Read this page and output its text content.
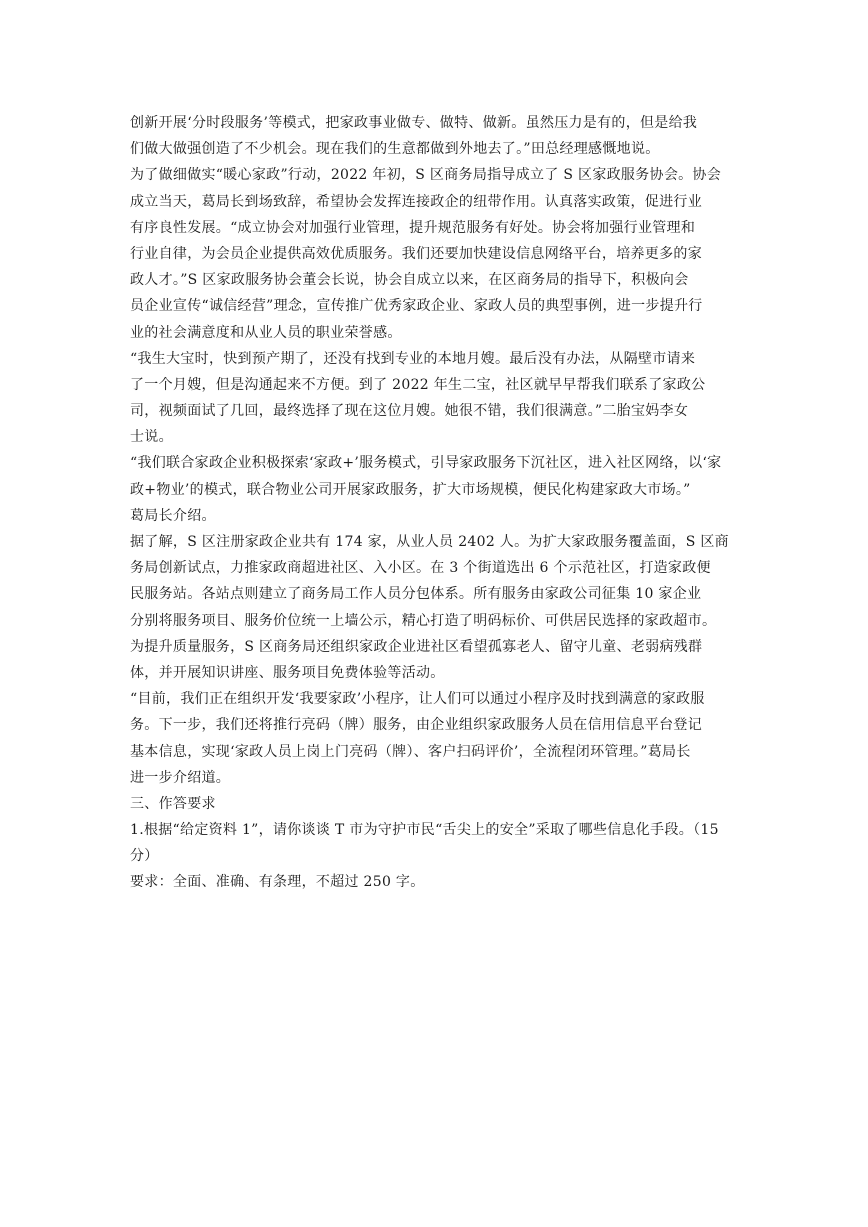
创新开展‘分时段服务’等模式，把家政事业做专、做特、做新。虽然压力是有的，但是给我
们做大做强创造了不少机会。现在我们的生意都做到外地去了。”田总经理感慨地说。
为了做细做实“暖心家政”行动，2022 年初，S 区商务局指导成立了 S 区家政服务协会。协会
成立当天，葛局长到场致辞，希望协会发挥连接政企的纽带作用。认真落实政策，促进行业
有序良性发展。“成立协会对加强行业管理，提升规范服务有好处。协会将加强行业管理和
行业自律，为会员企业提供高效优质服务。我们还要加快建设信息网络平台，培养更多的家
政人才。”S 区家政服务协会董会长说，协会自成立以来，在区商务局的指导下，积极向会
员企业宣传“诚信经营”理念，宣传推广优秀家政企业、家政人员的典型事例，进一步提升行
业的社会满意度和从业人员的职业荣誉感。
“我生大宝时，快到预产期了，还没有找到专业的本地月嫂。最后没有办法，从隔壁市请来
了一个月嫂，但是沟通起来不方便。到了 2022 年生二宝，社区就早早帮我们联系了家政公
司，视频面试了几回，最终选择了现在这位月嫂。她很不错，我们很满意。”二胎宝妈李女
士说。
“我们联合家政企业积极探索‘家政+’服务模式，引导家政服务下沉社区，进入社区网络，以‘家
政+物业’的模式，联合物业公司开展家政服务，扩大市场规模，便民化构建家政大市场。”
葛局长介绍。
据了解，S 区注册家政企业共有 174 家，从业人员 2402 人。为扩大家政服务覆盖面，S 区商
务局创新试点，力推家政商超进社区、入小区。在 3 个街道选出 6 个示范社区，打造家政便
民服务站。各站点则建立了商务局工作人员分包体系。所有服务由家政公司征集 10 家企业
分别将服务项目、服务价位统一上墙公示，精心打造了明码标价、可供居民选择的家政超市。
为提升质量服务，S 区商务局还组织家政企业进社区看望孤寡老人、留守儿童、老弱病残群
体，并开展知识讲座、服务项目免费体验等活动。
“目前，我们正在组织开发‘我要家政’小程序，让人们可以通过小程序及时找到满意的家政服
务。下一步，我们还将推行亮码（牌）服务，由企业组织家政服务人员在信用信息平台登记
基本信息，实现‘家政人员上岗上门亮码（牌）、客户扫码评价’，全流程闭环管理。”葛局长
进一步介绍道。
三、作答要求
1.根据“给定资料 1”，请你谈谈 T 市为守护市民“舌尖上的安全”采取了哪些信息化手段。（15
分）
要求：全面、准确、有条理，不超过 250 字。
